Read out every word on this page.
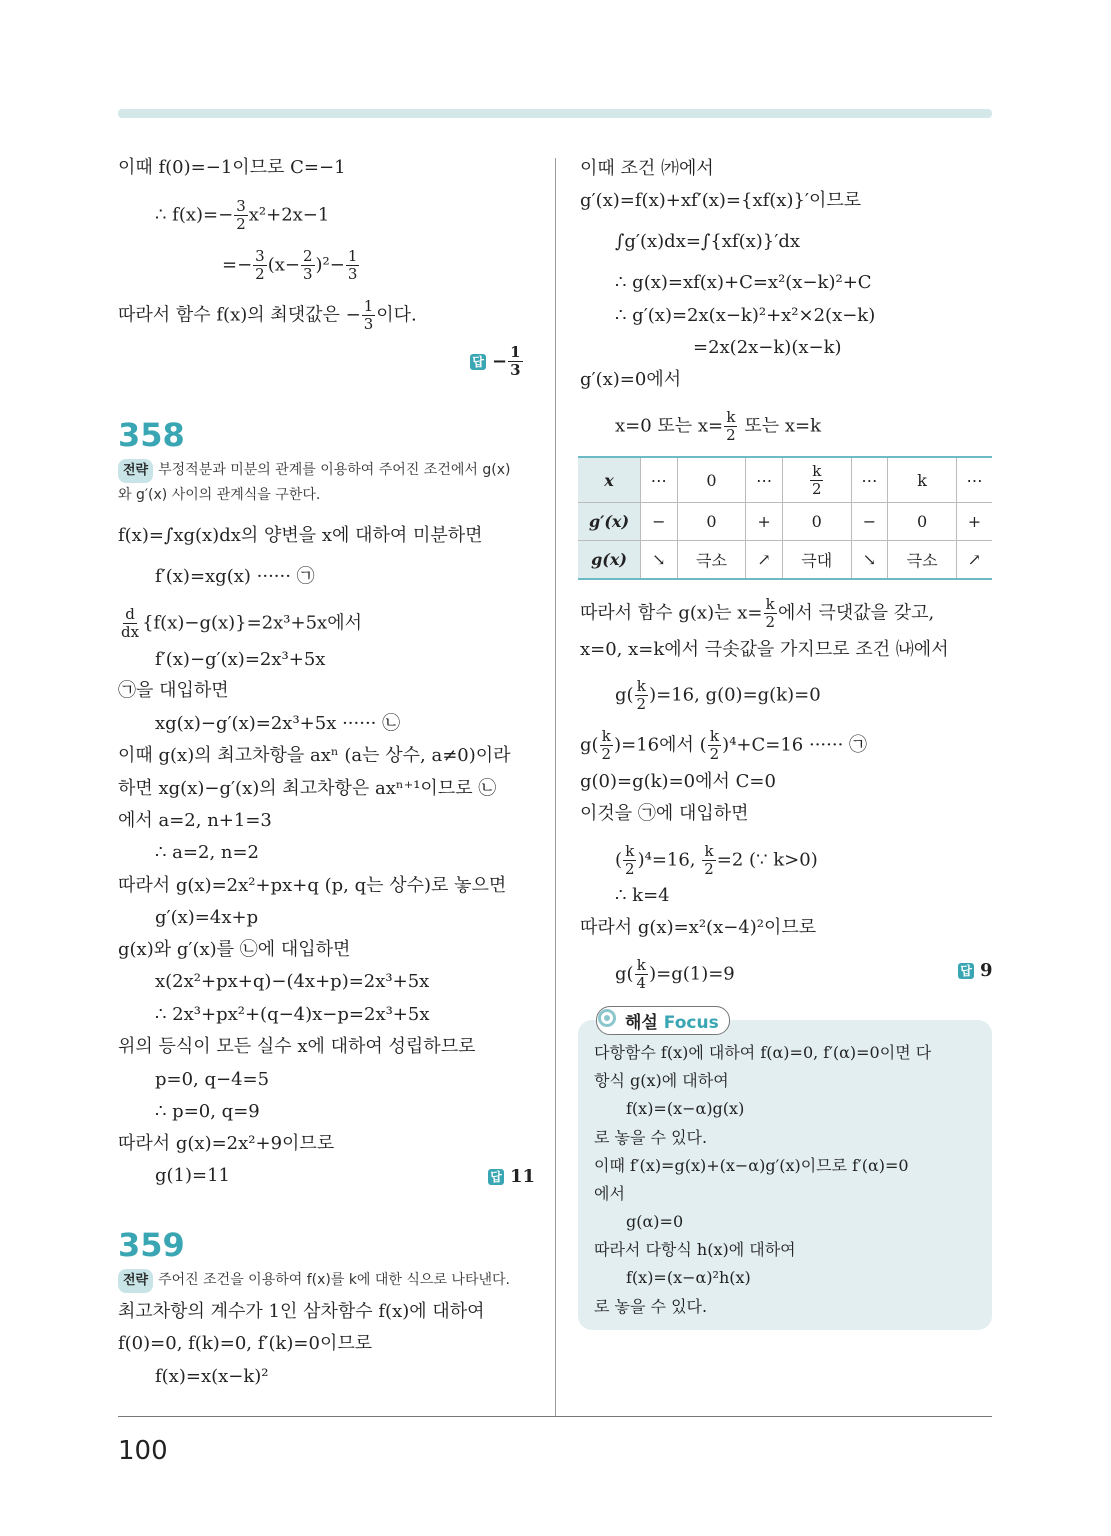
이때 f(0)=−1이므로 C=−1
∴ $f(x)=- \frac{3}{2} x^2+2x-1$
=− $\frac{3}{2} (x- \frac{2}{3} )^2- \frac{1}{3}$
따라서 함수 f(x)의 최댓값은 − $\frac{1}{3}$ 이다.
답 − $\frac{1}{3}$
358
전략 부정적분과 미분의 관계를 이용하여 주어진 조건에서 g(x)
와 g′(x) 사이의 관계식을 구한다.
f(x)=∫xg(x)dx의 양변을 x에 대하여 미분하면
f′(x)=xg(x) ······ ㉠
$\frac{d}{dx} \{f(x)-g(x)\}=2x^3+5x$에서
f′(x)−g′(x)=2x³+5x
㉠을 대입하면
xg(x)−g′(x)=2x³+5x ······ ㉡
이때 g(x)의 최고차항을 axⁿ (a는 상수, a≠0)이라
하면 xg(x)−g′(x)의 최고차항은 axⁿ⁺¹이므로 ㉡
에서 a=2, n+1=3
∴ a=2, n=2
따라서 g(x)=2x²+px+q (p, q는 상수)로 놓으면
g′(x)=4x+p
g(x)와 g′(x)를 ㉡에 대입하면
x(2x²+px+q)−(4x+p)=2x³+5x
∴ 2x³+px²+(q−4)x−p=2x³+5x
위의 등식이 모든 실수 x에 대하여 성립하므로
p=0, q−4=5
∴ p=0, q=9
따라서 g(x)=2x²+9이므로
g(1)=11	답 11
359
전략 주어진 조건을 이용하여 f(x)를 k에 대한 식으로 나타낸다.
최고차항의 계수가 1인 삼차함수 f(x)에 대하여
f(0)=0, f(k)=0, f′(k)=0이므로
f(x)=x(x−k)²
이때 조건 ㈎에서
g′(x)=f(x)+xf′(x)={xf(x)}′이므로
∫g′(x)dx=∫{xf(x)}′dx
∴ g(x)=xf(x)+C=x²(x−k)²+C
∴ g′(x)=2x(x−k)²+x²×2(x−k)
=2x(2x−k)(x−k)
g′(x)=0에서
x=0 또는 $x= \frac{k}{2}$ 또는 x=k
x	⋯	0	⋯	$\frac{k}{2}$	⋯	k	⋯
g′(x)	−	0	+	0	−	0	+
g(x)	↘	극소	↗	극대	↘	극소	↗
따라서 함수 g(x)는 $x= \frac{k}{2}$ 에서 극댓값을 갖고,
x=0, x=k에서 극솟값을 가지므로 조건 ㈏에서
$g( \frac{k}{2} )=16$, g(0)=g(k)=0
$g( \frac{k}{2} )=16$에서 ( $\frac{k}{2} )^4+C=16$ ······ ㉠
g(0)=g(k)=0에서 C=0
이것을 ㉠에 대입하면
( $\frac{k}{2} )^4=16$, $\frac{k}{2} =2$ (∵ k>0)
∴ k=4
따라서 g(x)=x²(x−4)²이므로
$g( \frac{k}{4} )=g(1)=9$	답 9
해설 Focus
다항함수 f(x)에 대하여 f(α)=0, f′(α)=0이면 다
항식 g(x)에 대하여
f(x)=(x−α)g(x)
로 놓을 수 있다.
이때 f′(x)=g(x)+(x−α)g′(x)이므로 f′(α)=0
에서
g(α)=0
따라서 다항식 h(x)에 대하여
f(x)=(x−α)²h(x)
로 놓을 수 있다.
100
